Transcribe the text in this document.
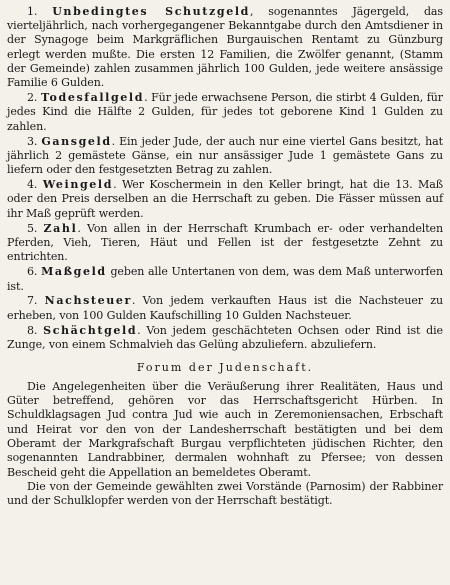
1. Unbedingtes Schutzgeld, sogenanntes Jägergeld, das vierteljährlich, nach vorhergegangener Bekanntgabe durch den Amtsdiener in der Synagoge beim Markgräflichen Burgauischen Rentamt zu Günzburg erlegt werden mußte. Die ersten 12 Familien, die Zwölfer genannt, (Stamm der Gemeinde) zahlen zusammen jährlich 100 Gulden, jede weitere ansässige Familie 6 Gulden.

2. Todesfallgeld. Für jede erwachsene Person, die stirbt 4 Gulden, für jedes Kind die Hälfte 2 Gulden, für jedes tot geborene Kind 1 Gulden zu zahlen.

3. Gansgeld. Ein jeder Jude, der auch nur eine viertel Gans besitzt, hat jährlich 2 gemästete Gänse, ein nur ansässiger Jude 1 gemästete Gans zu liefern oder den festgesetzten Betrag zu zahlen.

4. Weingeld. Wer Koschermein in den Keller bringt, hat die 13. Maß oder den Preis derselben an die Herrschaft zu geben. Die Fässer müssen auf ihr Maß geprüft werden.

5. Zahl. Von allen in der Herrschaft Krumbach er- oder verhandelten Pferden, Vieh, Tieren, Häut und Fellen ist der festgesetzte Zehnt zu entrichten.

6. Maßgeld geben alle Untertanen von dem, was dem Maß unterworfen ist.

7. Nachsteuer. Von jedem verkauften Haus ist die Nachsteuer zu erheben, von 100 Gulden Kaufschilling 10 Gulden Nachsteuer.

8. Schächtgeld. Von jedem geschächteten Ochsen oder Rind ist die Zunge, von einem Schmalvieh das Gelüng abzuliefern. abzuliefern.

Forum der Judenschaft.

Die Angelegenheiten über die Veräußerung ihrer Realitäten, Haus und Güter betreffend, gehören vor das Herrschaftsgericht Hürben. In Schuldklagsagen Jud contra Jud wie auch in Zeremoniensachen, Erbschaft und Heirat vor den von der Landesherrschaft bestätigten und bei dem Oberamt der Markgrafschaft Burgau verpflichteten jüdischen Richter, den sogenannten Landrabbiner, dermalen wohnhaft zu Pfersee; von dessen Bescheid geht die Appellation an bemeldetes Oberamt.

Die von der Gemeinde gewählten zwei Vorstände (Parnosim) der Rabbiner und der Schulklopfer werden von der Herrschaft bestätigt.
